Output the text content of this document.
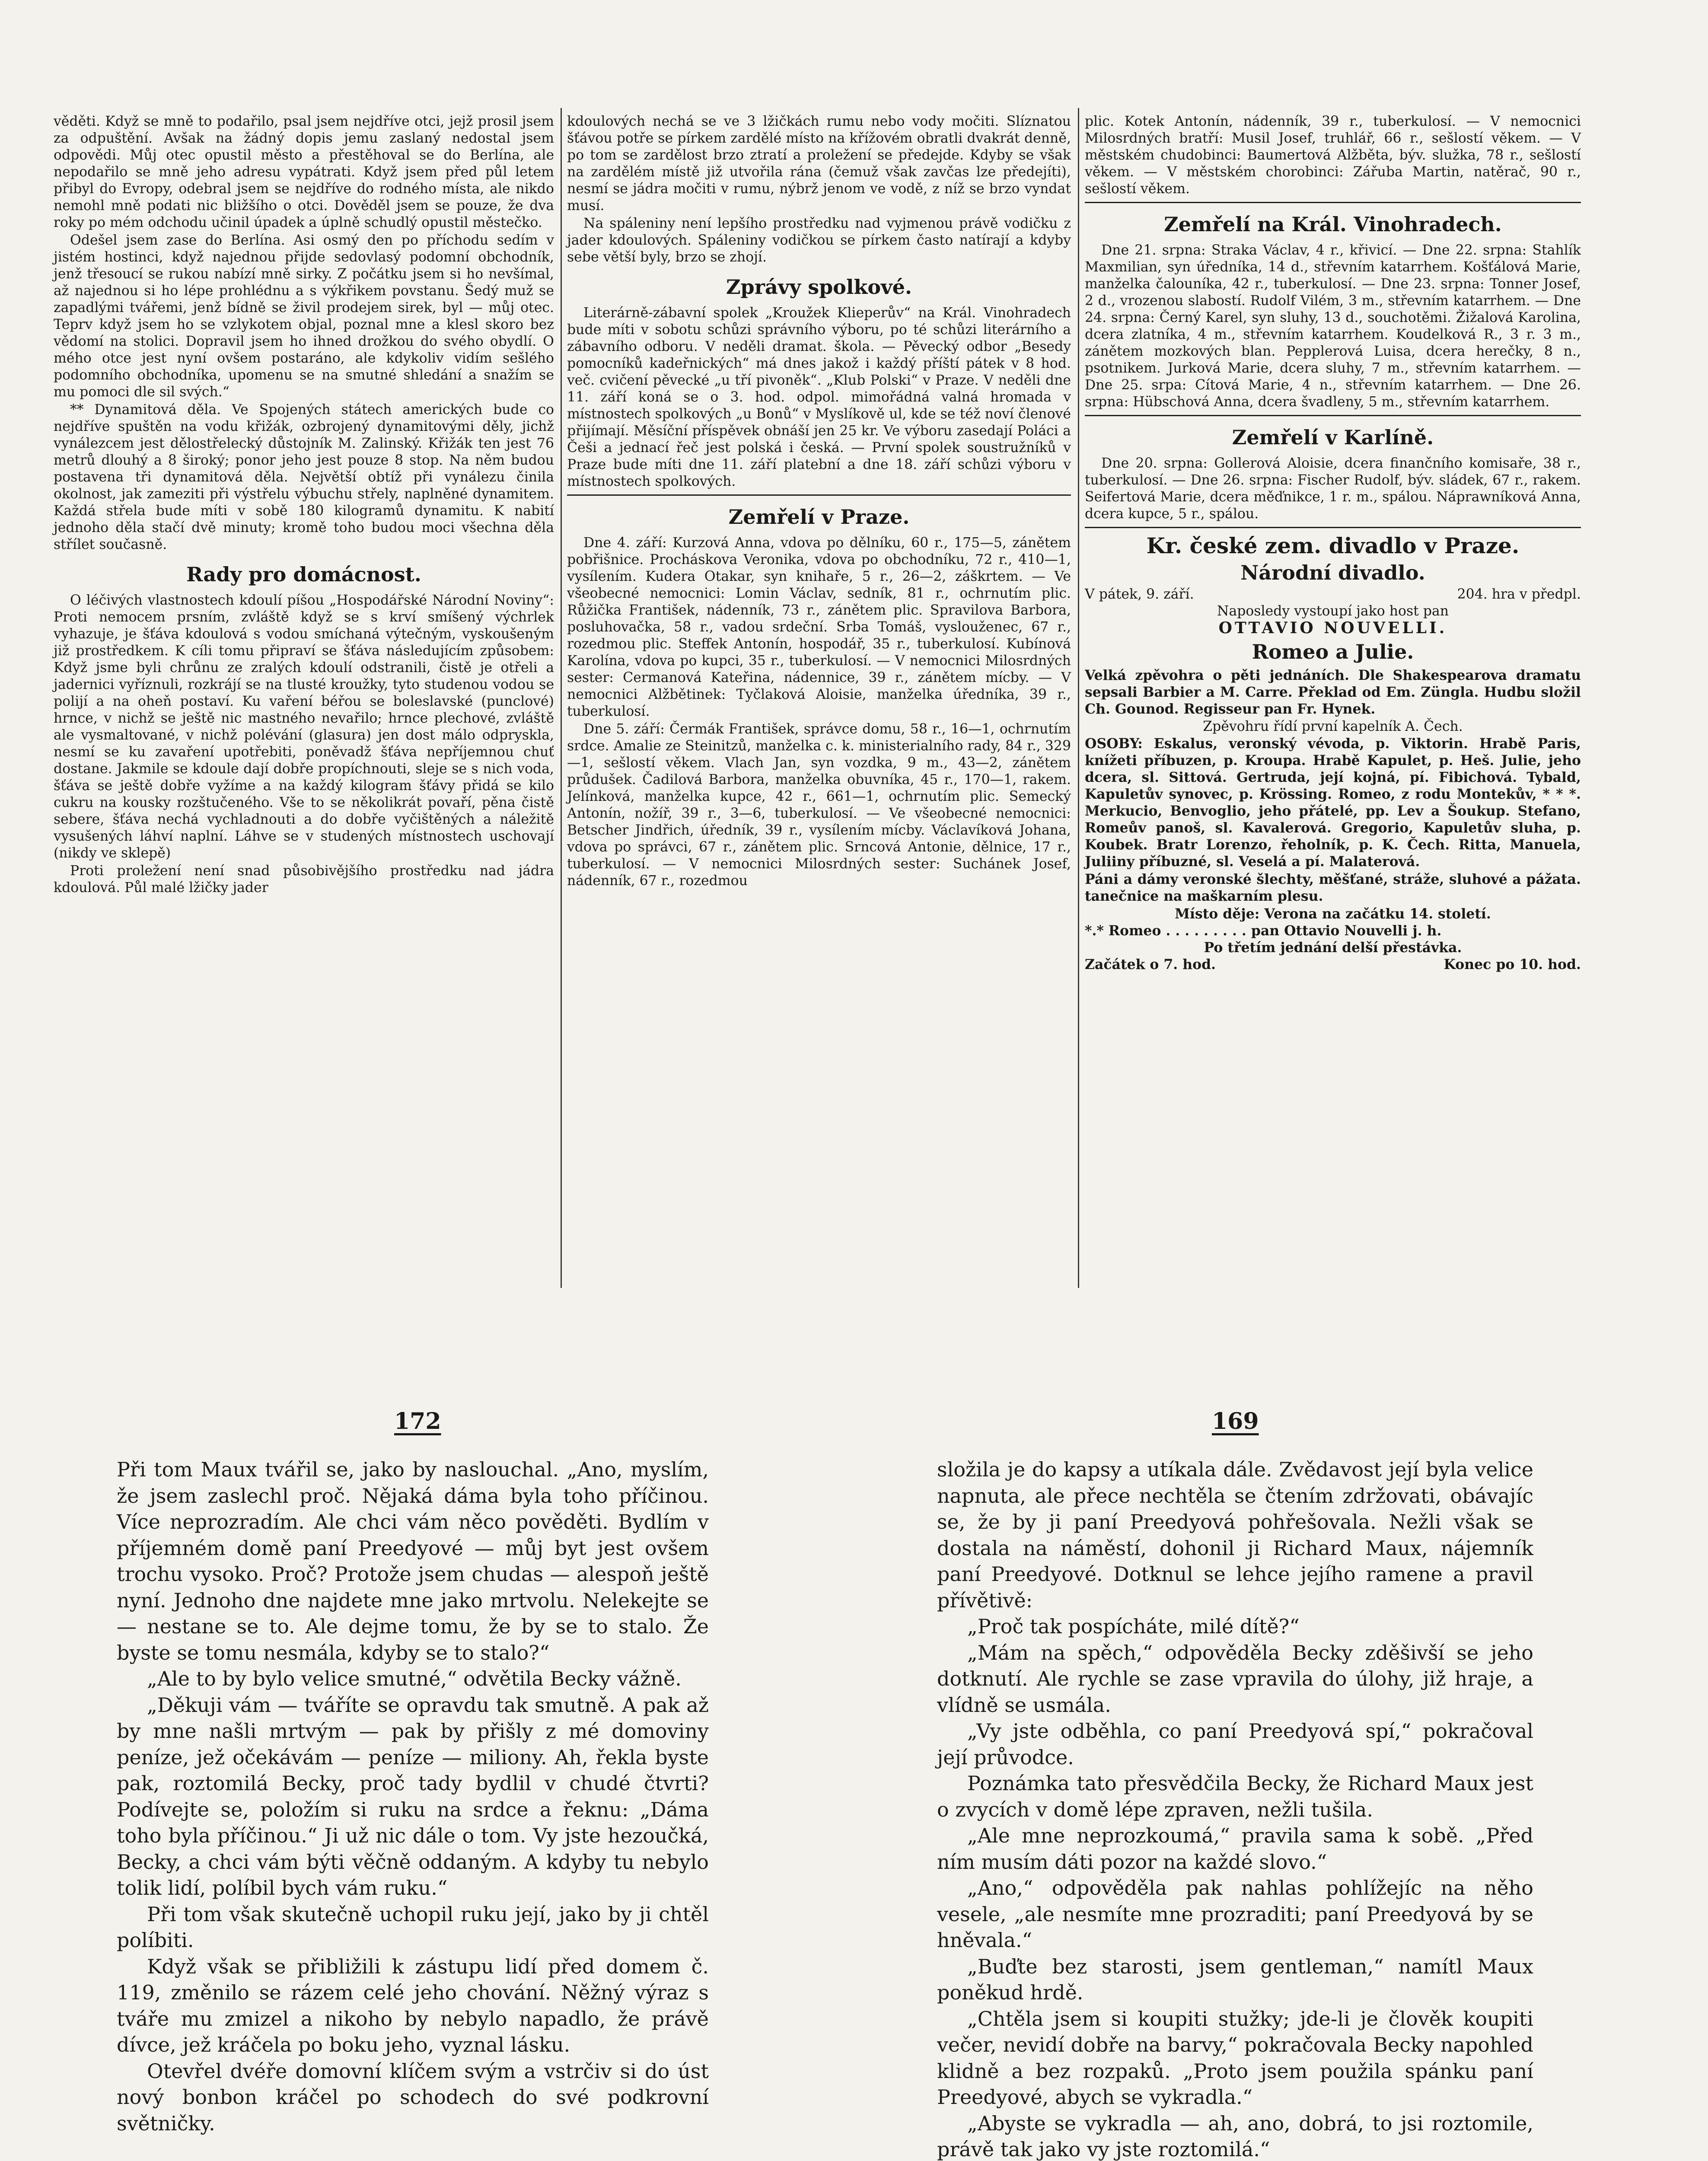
věděti. Když se mně to podařilo, psal jsem nejdříve otci, jejž prosil jsem za odpuštění. Avšak na žádný dopis jemu zaslaný nedostal jsem odpovědi. Můj otec opustil město a přestěhoval se do Berlína, ale nepodařilo se mně jeho adresu vypátrati. Když jsem před půl letem přibyl do Evropy, odebral jsem se nejdříve do rodného místa, ale nikdo nemohl mně podati nic bližšího o otci. Dověděl jsem se pouze, že dva roky po mém odchodu učinil úpadek a úplně schudlý opustil městečko.

Odešel jsem zase do Berlína. Asi osmý den po příchodu sedím v jistém hostinci, když najednou přijde sedovlasý podomní obchodník, jenž třesoucí se rukou nabízí mně sirky. Z počátku jsem si ho nevšímal, až najednou si ho lépe prohlédnu a s výkřikem povstanu. Šedý muž se zapadlými tvářemi, jenž bídně se živil prodejem sirek, byl — můj otec. Teprv když jsem ho se vzlykotem objal, poznal mne a klesl skoro bez vědomí na stolici. Dopravil jsem ho ihned drožkou do svého obydlí. O mého otce jest nyní ovšem postaráno, ale kdykoliv vidím sešlého podomního obchodníka, upomenu se na smutné shledání a snažím se mu pomoci dle sil svých.“

** Dynamitová děla. Ve Spojených státech amerických bude co nejdříve spuštěn na vodu křižák, ozbrojený dynamitovými děly, jichž vynálezcem jest dělostřelecký důstojník M. Zalinský. Křižák ten jest 76 metrů dlouhý a 8 široký; ponor jeho jest pouze 8 stop. Na něm budou postavena tři dynamitová děla. Největší obtíž při vynálezu činila okolnost, jak zameziti při výstřelu výbuchu střely, naplněné dynamitem. Každá střela bude míti v sobě 180 kilogramů dynamitu. K nabití jednoho děla stačí dvě minuty; kromě toho budou moci všechna děla střílet současně.

Rady pro domácnost.

O léčivých vlastnostech kdoulí píšou „Hospodářské Národní Noviny“: Proti nemocem prsním, zvláště když se s krví smíšený výchrlek vyhazuje, je šťáva kdoulová s vodou smíchaná výtečným, vyskoušeným již prostředkem. K cíli tomu připraví se šťáva následujícím způsobem: Když jsme byli chrůnu ze zralých kdoulí odstranili, čistě je otřeli a jadernici vyříznuli, rozkrájí se na tlusté kroužky, tyto studenou vodou se polijí a na oheň postaví. Ku vaření béřou se boleslavské (punclové) hrnce, v nichž se ještě nic mastného nevařilo; hrnce plechové, zvláště ale vysmaltované, v nichž polévání (glasura) jen dost málo odpryskla, nesmí se ku zavaření upotřebiti, poněvadž šťáva nepříjemnou chuť dostane. Jakmile se kdoule dají dobře propíchnouti, sleje se s nich voda, šťáva se ještě dobře vyžíme a na každý kilogram šťávy přidá se kilo cukru na kousky rozštučeného. Vše to se několikrát povaří, pěna čistě sebere, šťáva nechá vychladnouti a do dobře vyčištěných a náležitě vysušených láhví naplní. Láhve se v studených místnostech uschovají (nikdy ve sklepě)

Proti proležení není snad působivějšího prostředku nad jádra kdoulová. Půl malé lžičky jader

kdoulových nechá se ve 3 lžičkách rumu nebo vody močiti. Slíznatou šťávou potře se pírkem zardělé místo na křížovém obratli dvakrát denně, po tom se zardělost brzo ztratí a proležení se předejde. Kdyby se však na zardělém místě již utvořila rána (čemuž však zavčas lze předejíti), nesmí se jádra močiti v rumu, nýbrž jenom ve vodě, z níž se brzo vyndat musí.

Na spáleniny není lepšího prostředku nad vyjmenou právě vodičku z jader kdoulových. Spáleniny vodičkou se pírkem často natírají a kdyby sebe větší byly, brzo se zhojí.

Zprávy spolkové.

Literárně-zábavní spolek „Kroužek Klieperův“ na Král. Vinohradech bude míti v sobotu schůzi správního výboru, po té schůzi literárního a zábavního odboru. V neděli dramat. škola. — Pěvecký odbor „Besedy pomocníků kadeřnických“ má dnes jakož i každý příští pátek v 8 hod. več. cvičení pěvecké „u tří pivoněk“. „Klub Polski“ v Praze. V neděli dne 11. září koná se o 3. hod. odpol. mimořádná valná hromada v místnostech spolkových „u Bonů“ v Myslíkově ul, kde se též noví členové přijímají. Měsíční příspěvek obnáší jen 25 kr. Ve výboru zasedají Poláci a Češi a jednací řeč jest polská i česká. — První spolek soustružníků v Praze bude míti dne 11. září platební a dne 18. září schůzi výboru v místnostech spolkových.

Zemřelí v Praze.

Dne 4. září: Kurzová Anna, vdova po dělníku, 60 r., 175—5, zánětem pobřišnice. Procháskova Veronika, vdova po obchodníku, 72 r., 410—1, vysílením. Kudera Otakar, syn knihaře, 5 r., 26—2, záškrtem. — Ve všeobecné nemocnici: Lomin Václav, sedník, 81 r., ochrnutím plic. Růžička František, nádenník, 73 r., zánětem plic. Spravilova Barbora, posluhovačka, 58 r., vadou srdeční. Srba Tomáš, vyslouženec, 67 r., rozedmou plic. Steffek Antonín, hospodář, 35 r., tuberkulosí. Kubínová Karolína, vdova po kupci, 35 r., tuberkulosí. — V nemocnici Milosrdných sester: Cermanová Kateřina, nádennice, 39 r., zánětem mícby. — V nemocnici Alžbětinek: Tyčlaková Aloisie, manželka úředníka, 39 r., tuberkulosí.

Dne 5. září: Čermák František, správce domu, 58 r., 16—1, ochrnutím srdce. Amalie ze Steinitzů, manželka c. k. ministerialního rady, 84 r., 329—1, sešlostí věkem. Vlach Jan, syn vozdka, 9 m., 43—2, zánětem průdušek. Čadilová Barbora, manželka obuvníka, 45 r., 170—1, rakem. Jelínková, manželka kupce, 42 r., 661—1, ochrnutím plic. Semecký Antonín, nožíř, 39 r., 3—6, tuberkulosí. — Ve všeobecné nemocnici: Betscher Jindřich, úředník, 39 r., vysílením mícby. Václavíková Johana, vdova po správci, 67 r., zánětem plic. Srncová Antonie, dělnice, 17 r., tuberkulosí. — V nemocnici Milosrdných sester: Suchánek Josef, nádenník, 67 r., rozedmou

plic. Kotek Antonín, nádenník, 39 r., tuberkulosí. — V nemocnici Milosrdných bratří: Musil Josef, truhlář, 66 r., sešlostí věkem. — V městském chudobinci: Baumertová Alžběta, býv. služka, 78 r., sešlostí věkem. — V městském chorobinci: Zářuba Martin, natěrač, 90 r., sešlostí věkem.

Zemřelí na Král. Vinohradech.

Dne 21. srpna: Straka Václav, 4 r., křivicí. — Dne 22. srpna: Stahlík Maxmilian, syn úředníka, 14 d., střevním katarrhem. Košťálová Marie, manželka čalouníka, 42 r., tuberkulosí. — Dne 23. srpna: Tonner Josef, 2 d., vrozenou slabostí. Rudolf Vilém, 3 m., střevním katarrhem. — Dne 24. srpna: Černý Karel, syn sluhy, 13 d., souchotěmi. Žižalová Karolina, dcera zlatníka, 4 m., střevním katarrhem. Koudelková R., 3 r. 3 m., zánětem mozkových blan. Pepplerová Luisa, dcera herečky, 8 n., psotnikem. Jurková Marie, dcera sluhy, 7 m., střevním katarrhem. — Dne 25. srpa: Cítová Marie, 4 n., střevním katarrhem. — Dne 26. srpna: Hübschová Anna, dcera švadleny, 5 m., střevním katarrhem.

Zemřelí v Karlíně.

Dne 20. srpna: Gollerová Aloisie, dcera finančního komisaře, 38 r., tuberkulosí. — Dne 26. srpna: Fischer Rudolf, býv. sládek, 67 r., rakem. Seifertová Marie, dcera měďnikce, 1 r. m., spálou. Náprawníková Anna, dcera kupce, 5 r., spálou.

Kr. české zem. divadlo v Praze.
Národní divadlo.
V pátek, 9. září.	204. hra v předpl.
Naposledy vystoupí jako host pan
OTTAVIO NOUVELLI.
Romeo a Julie.

Velká zpěvohra o pěti jednáních. Dle Shakespearova dramatu sepsali Barbier a M. Carre. Překlad od Em. Züngla. Hudbu složil Ch. Gounod. Regisseur pan Fr. Hynek.

Zpěvohru řídí první kapelník A. Čech.

OSOBY: Eskalus, veronský vévoda, p. Viktorin. Hrabě Paris, knížeti příbuzen, p. Kroupa. Hrabě Kapulet, p. Heš. Julie, jeho dcera, sl. Sittová. Gertruda, její kojná, pí. Fibichová. Tybald, Kapuletův synovec, p. Krössing. Romeo, z rodu Montekův, * * *. Merkucio, Benvoglio, jeho přátelé, pp. Lev a Šoukup. Stefano, Romeův panoš, sl. Kavalerová. Gregorio, Kapuletův sluha, p. Koubek. Bratr Lorenzo, řeholník, p. K. Čech. Ritta, Manuela, Juliiny příbuzné, sl. Veselá a pí. Malaterová.

Páni a dámy veronské šlechty, měšťané, stráže, sluhové a pážata. tanečnice na maškarním plesu.

Místo děje: Verona na začátku 14. století.
*.* Romeo . . . . . . . . . pan Ottavio Nouvelli j. h.
Po třetím jednání delší přestávka.
Začátek o 7. hod.	Konec po 10. hod.
172	169

Při tom Maux tvářil se, jako by naslouchal. „Ano, myslím, že jsem zaslechl proč. Nějaká dáma byla toho příčinou. Více neprozradím. Ale chci vám něco pověděti. Bydlím v příjemném domě paní Preedyové — můj byt jest ovšem trochu vysoko. Proč? Protože jsem chudas — alespoň ještě nyní. Jednoho dne najdete mne jako mrtvolu. Nelekejte se — nestane se to. Ale dejme tomu, že by se to stalo. Že byste se tomu nesmála, kdyby se to stalo?“

„Ale to by bylo velice smutné,“ odvětila Becky vážně.

„Děkuji vám — tváříte se opravdu tak smutně. A pak až by mne našli mrtvým — pak by přišly z mé domoviny peníze, jež očekávám — peníze — miliony. Ah, řekla byste pak, roztomilá Becky, proč tady bydlil v chudé čtvrti? Podívejte se, položím si ruku na srdce a řeknu: „Dáma toho byla příčinou.“ Ji už nic dále o tom. Vy jste hezoučká, Becky, a chci vám býti věčně oddaným. A kdyby tu nebylo tolik lidí, políbil bych vám ruku.“

Při tom však skutečně uchopil ruku její, jako by ji chtěl políbiti.

Když však se přibližili k zástupu lidí před domem č. 119, změnilo se rázem celé jeho chování. Něžný výraz s tváře mu zmizel a nikoho by nebylo napadlo, že právě dívce, jež kráčela po boku jeho, vyznal lásku.

Otevřel dvéře domovní klíčem svým a vstrčiv si do úst nový bonbon kráčel po schodech do své podkrovní světničky.

složila je do kapsy a utíkala dále. Zvědavost její byla velice napnuta, ale přece nechtěla se čtením zdržovati, obávajíc se, že by ji paní Preedyová pohřešovala. Nežli však se dostala na náměstí, dohonil ji Richard Maux, nájemník paní Preedyové. Dotknul se lehce jejího ramene a pravil přívětivě:

„Proč tak pospícháte, milé dítě?“

„Mám na spěch,“ odpověděla Becky zděšivší se jeho dotknutí. Ale rychle se zase vpravila do úlohy, již hraje, a vlídně se usmála.

„Vy jste odběhla, co paní Preedyová spí,“ pokračoval její průvodce.

Poznámka tato přesvědčila Becky, že Richard Maux jest o zvycích v domě lépe zpraven, nežli tušila.

„Ale mne neprozkoumá,“ pravila sama k sobě. „Před ním musím dáti pozor na každé slovo.“

„Ano,“ odpověděla pak nahlas pohlížejíc na něho vesele, „ale nesmíte mne prozraditi; paní Preedyová by se hněvala.“

„Buďte bez starosti, jsem gentleman,“ namítl Maux poněkud hrdě.

„Chtěla jsem si koupiti stužky; jde-li je člověk koupiti večer, nevidí dobře na barvy,“ pokračovala Becky napohled klidně a bez rozpaků. „Proto jsem použila spánku paní Preedyové, abych se vykradla.“

„Abyste se vykradla — ah, ano, dobrá, to jsi roztomile, právě tak jako vy jste roztomilá.“
